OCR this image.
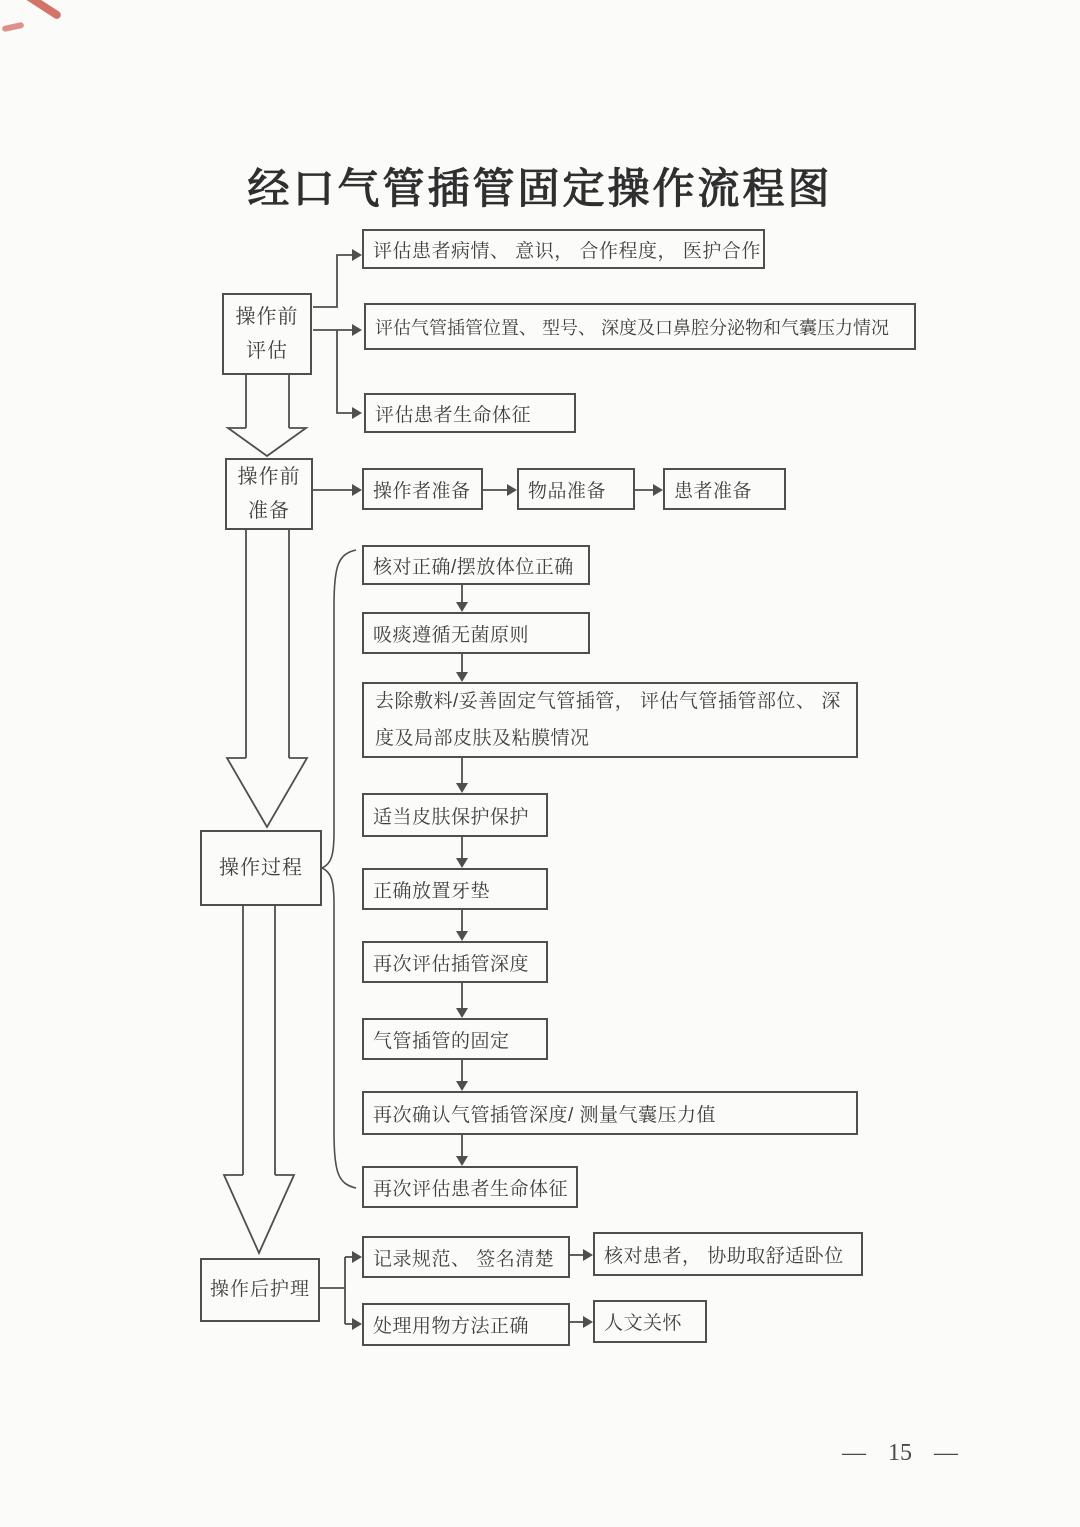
经口气管插管固定操作流程图
操作前
评估
操作前
准备
操作过程
操作后护理
评估患者病情、 意识， 合作程度， 医护合作
评估气管插管位置、 型号、 深度及口鼻腔分泌物和气囊压力情况
评估患者生命体征
操作者准备	物品准备	患者准备
核对正确/摆放体位正确
吸痰遵循无菌原则
去除敷料/妥善固定气管插管， 评估气管插管部位、 深度及局部皮肤及粘膜情况
适当皮肤保护保护
正确放置牙垫
再次评估插管深度
气管插管的固定
再次确认气管插管深度/ 测量气囊压力值
再次评估患者生命体征
记录规范、 签名清楚	核对患者， 协助取舒适卧位
处理用物方法正确	人文关怀
— 15 —
